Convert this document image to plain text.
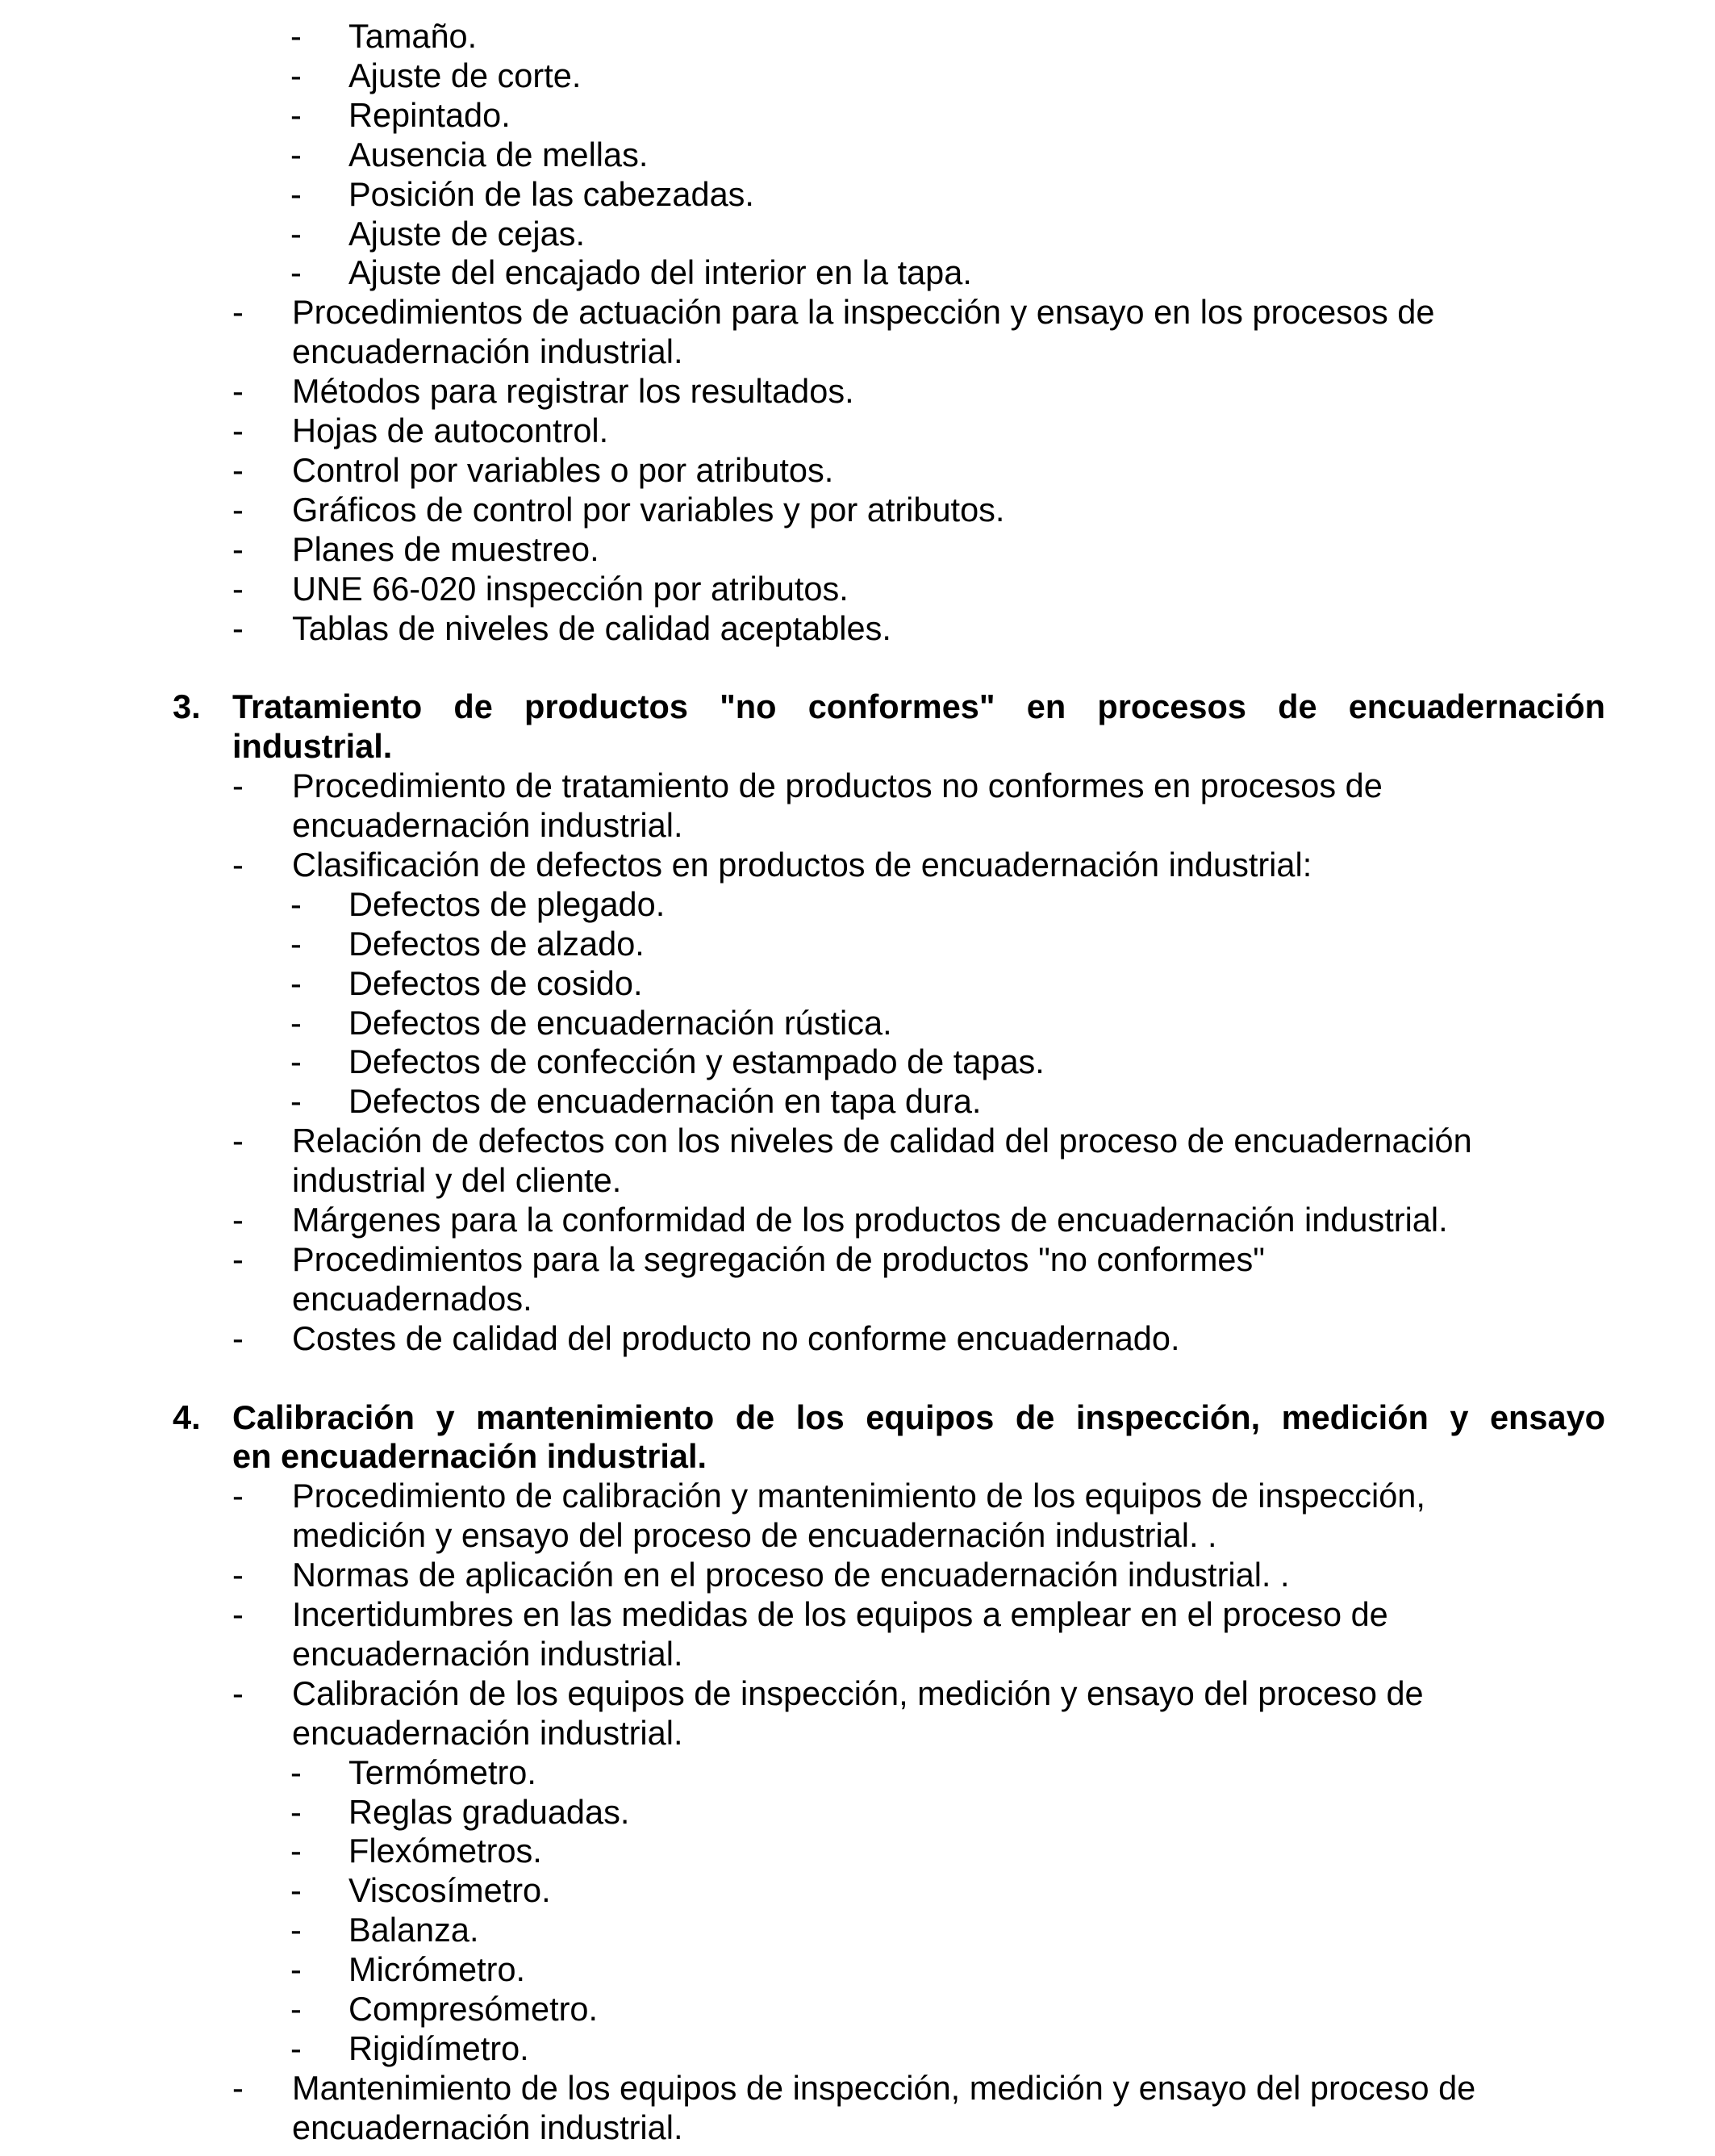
- Tamaño.
- Ajuste de corte.
- Repintado.
- Ausencia de mellas.
- Posición de las cabezadas.
- Ajuste de cejas.
- Ajuste del encajado del interior en la tapa.
- Procedimientos de actuación para la inspección y ensayo en los procesos de
encuadernación industrial.
- Métodos para registrar los resultados.
- Hojas de autocontrol.
- Control por variables o por atributos.
- Gráficos de control por variables y por atributos.
- Planes de muestreo.
- UNE 66-020 inspección por atributos.
- Tablas de niveles de calidad aceptables.
3. Tratamiento de productos "no conformes" en procesos de encuadernación
industrial.
- Procedimiento de tratamiento de productos no conformes en procesos de
encuadernación industrial.
- Clasificación de defectos en productos de encuadernación industrial:
- Defectos de plegado.
- Defectos de alzado.
- Defectos de cosido.
- Defectos de encuadernación rústica.
- Defectos de confección y estampado de tapas.
- Defectos de encuadernación en tapa dura.
- Relación de defectos con los niveles de calidad del proceso de encuadernación
industrial y del cliente.
- Márgenes para la conformidad de los productos de encuadernación industrial.
- Procedimientos para la segregación de productos "no conformes"
encuadernados.
- Costes de calidad del producto no conforme encuadernado.
4. Calibración y mantenimiento de los equipos de inspección, medición y ensayo
en encuadernación industrial.
- Procedimiento de calibración y mantenimiento de los equipos de inspección,
medición y ensayo del proceso de encuadernación industrial. .
- Normas de aplicación en el proceso de encuadernación industrial. .
- Incertidumbres en las medidas de los equipos a emplear en el proceso de
encuadernación industrial.
- Calibración de los equipos de inspección, medición y ensayo del proceso de
encuadernación industrial.
- Termómetro.
- Reglas graduadas.
- Flexómetros.
- Viscosímetro.
- Balanza.
- Micrómetro.
- Compresómetro.
- Rigidímetro.
- Mantenimiento de los equipos de inspección, medición y ensayo del proceso de
encuadernación industrial.
